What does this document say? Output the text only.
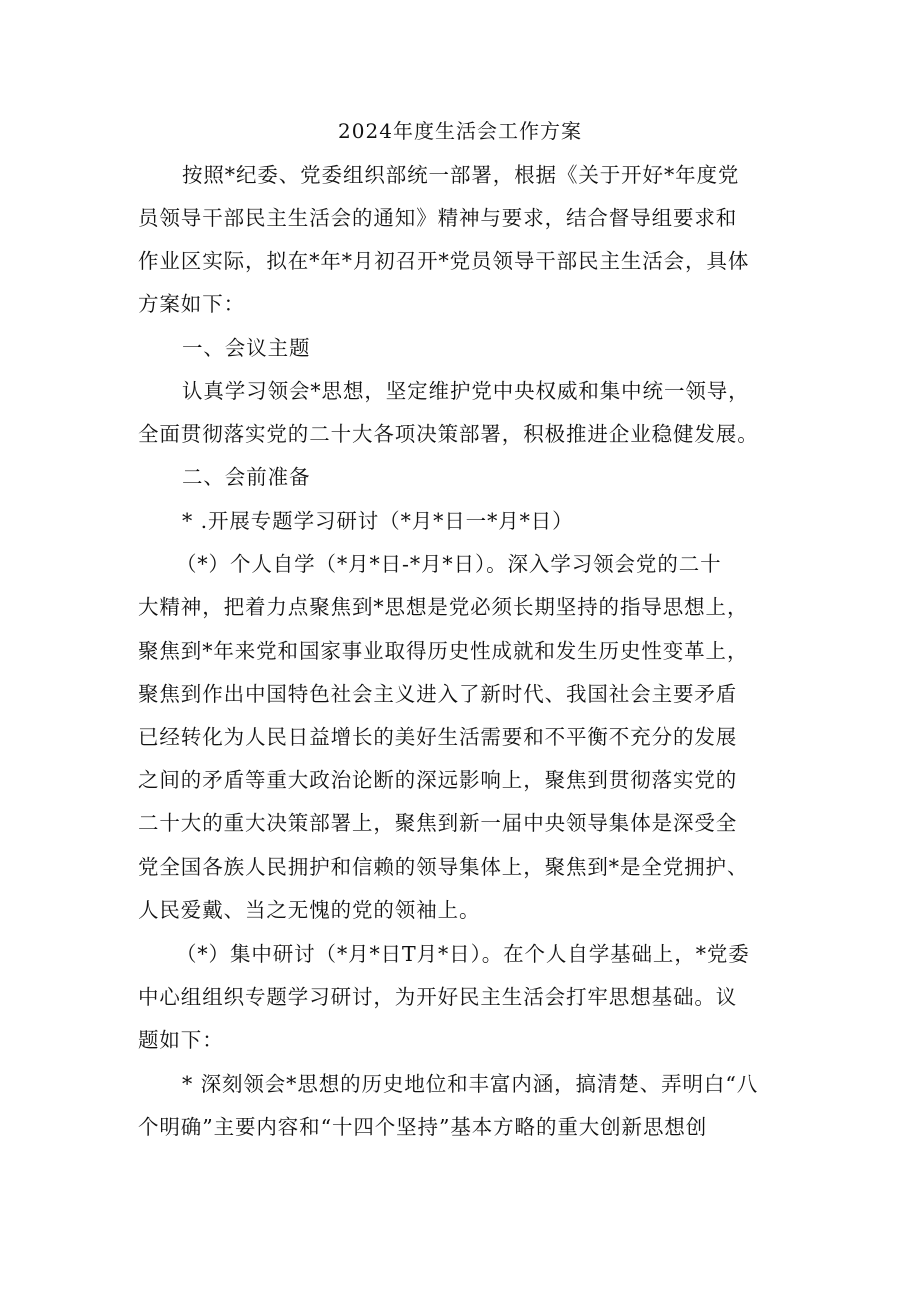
2024年度生活会工作方案
按照*纪委、党委组织部统一部署，根据《关于开好*年度党
员领导干部民主生活会的通知》精神与要求，结合督导组要求和
作业区实际，拟在*年*月初召开*党员领导干部民主生活会，具体
方案如下：
一、会议主题
认真学习领会*思想，坚定维护党中央权威和集中统一领导，
全面贯彻落实党的二十大各项决策部署，积极推进企业稳健发展。
二、会前准备
* .开展专题学习研讨（*月*日一*月*日）
（*）个人自学（*月*日-*月*日）。深入学习领会党的二十
大精神，把着力点聚焦到*思想是党必须长期坚持的指导思想上，
聚焦到*年来党和国家事业取得历史性成就和发生历史性变革上，
聚焦到作出中国特色社会主义进入了新时代、我国社会主要矛盾
已经转化为人民日益增长的美好生活需要和不平衡不充分的发展
之间的矛盾等重大政治论断的深远影响上，聚焦到贯彻落实党的
二十大的重大决策部署上，聚焦到新一届中央领导集体是深受全
党全国各族人民拥护和信赖的领导集体上，聚焦到*是全党拥护、
人民爱戴、当之无愧的党的领袖上。
（*）集中研讨（*月*日T月*日）。在个人自学基础上，*党委
中心组组织专题学习研讨，为开好民主生活会打牢思想基础。议
题如下：
* 深刻领会*思想的历史地位和丰富内涵，搞清楚、弄明白“八
个明确”主要内容和“十四个坚持”基本方略的重大创新思想创
